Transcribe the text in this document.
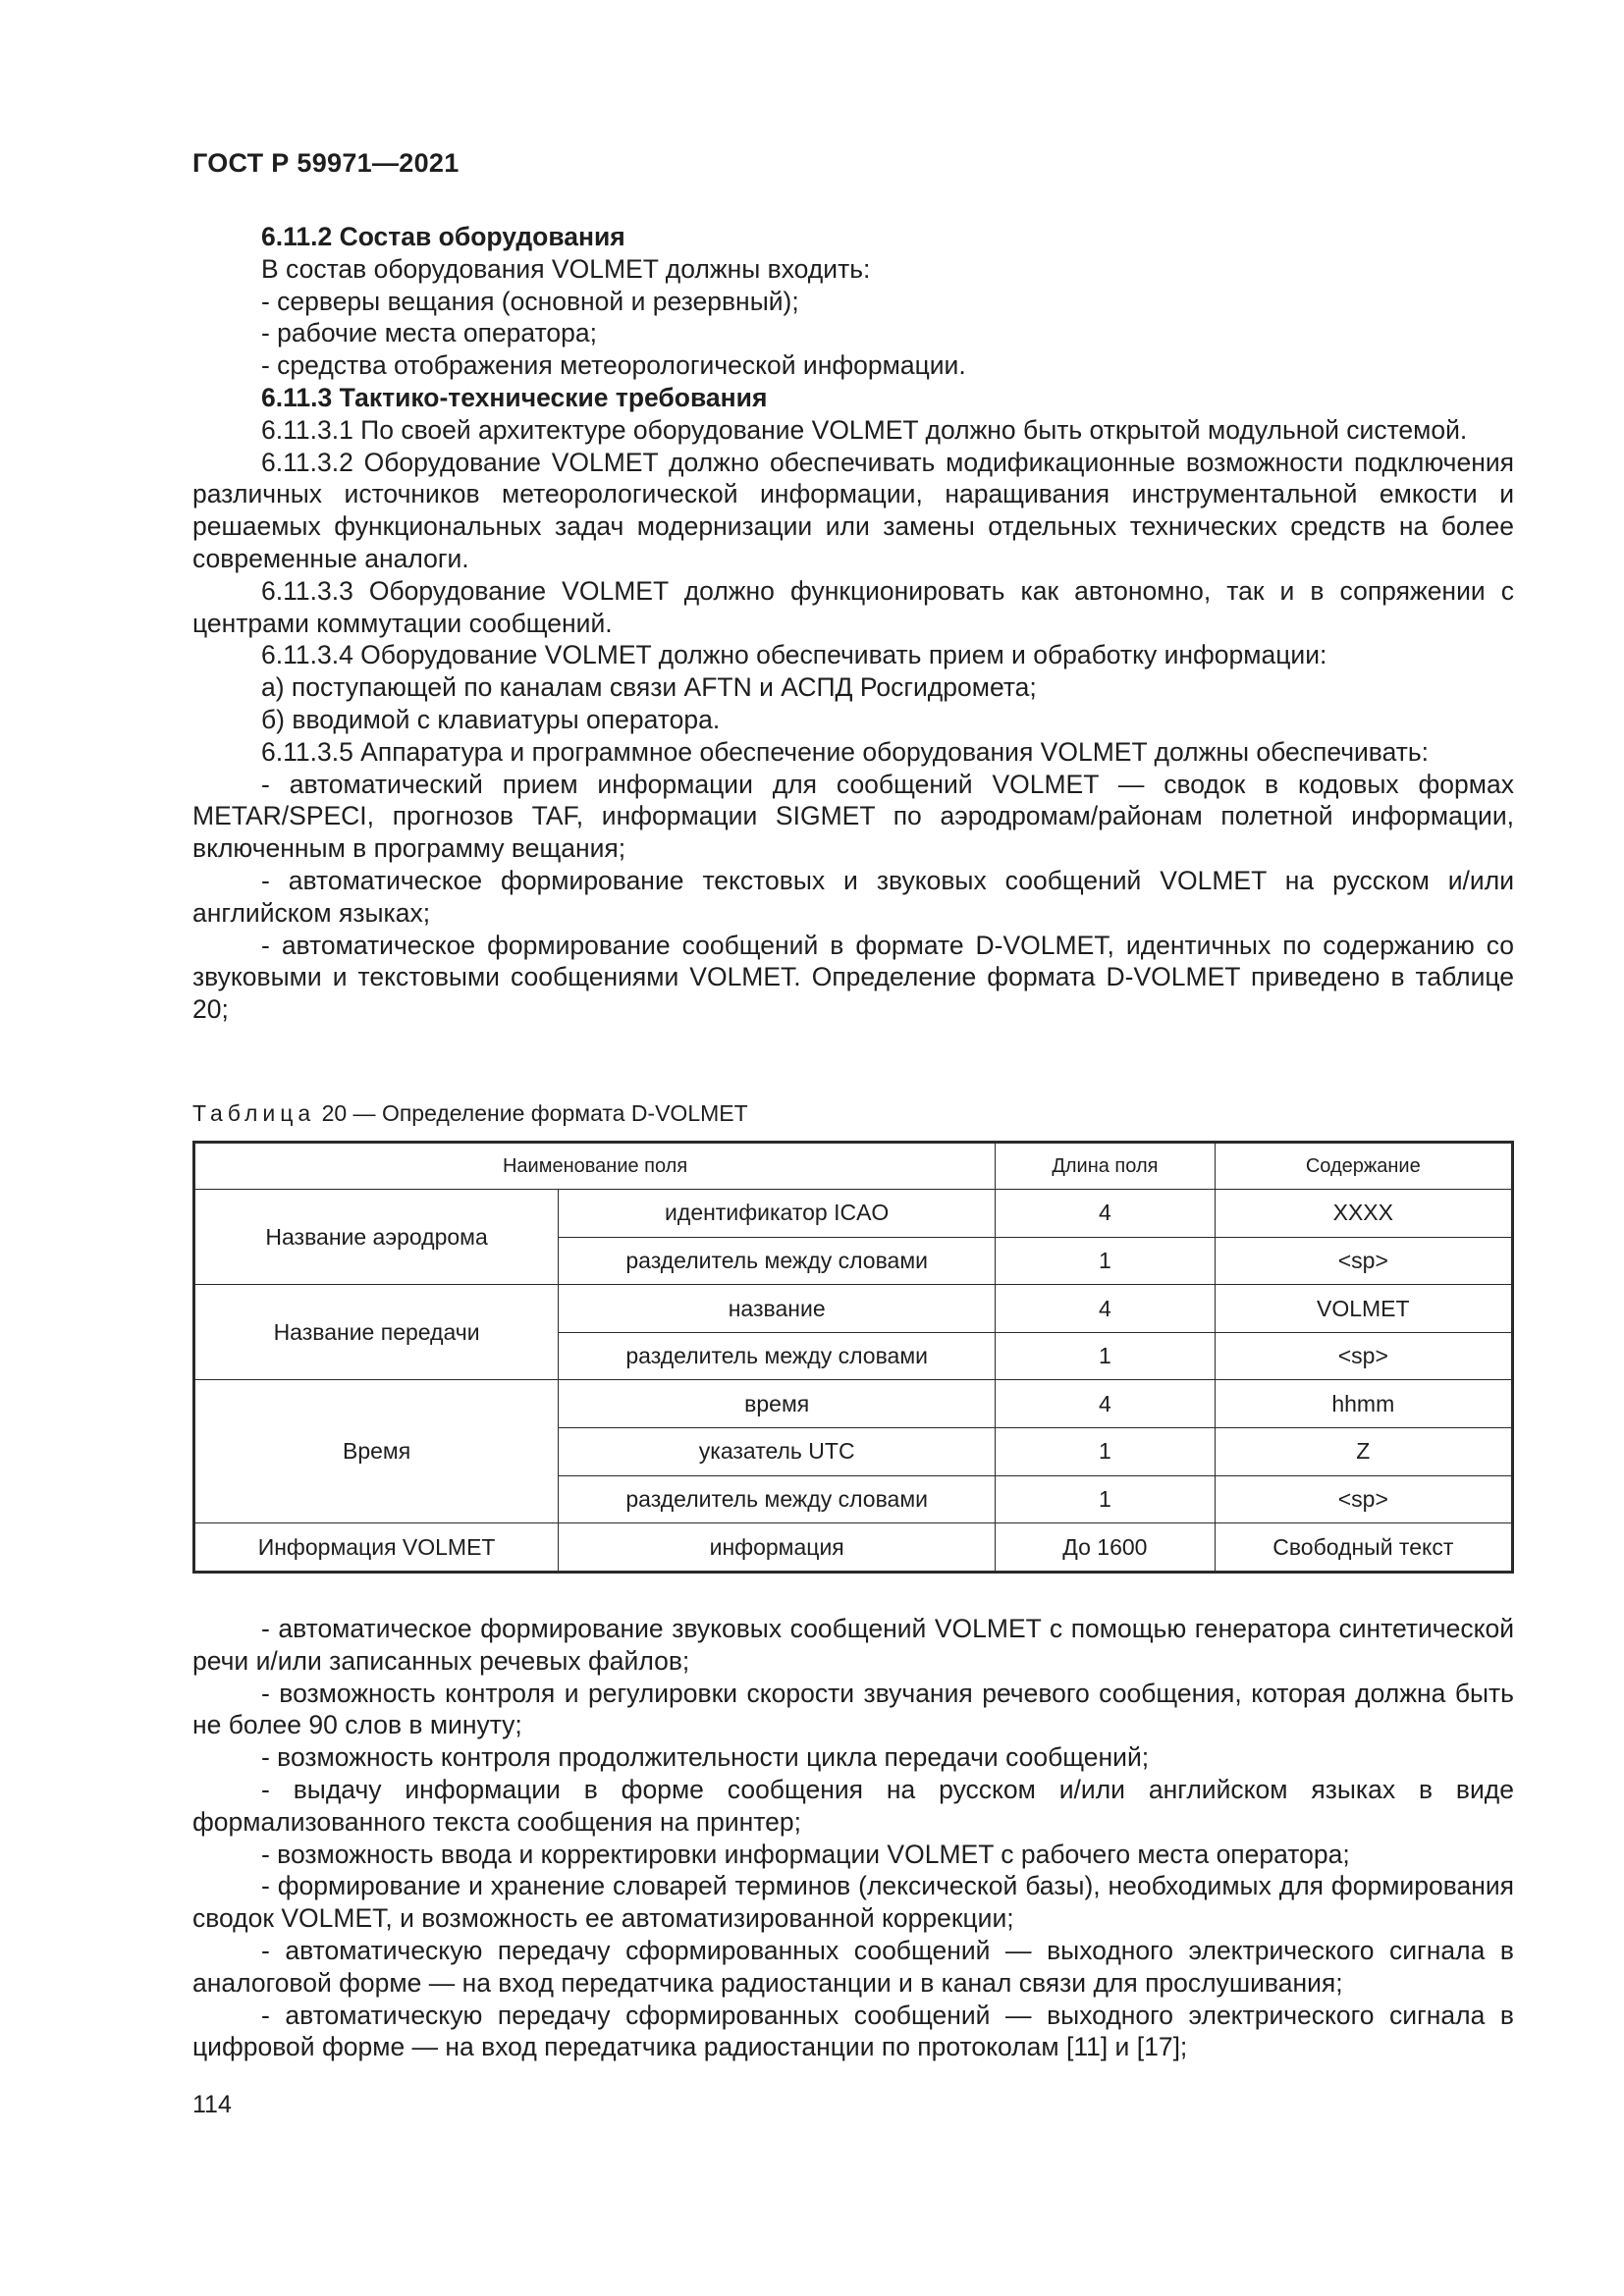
ГОСТ Р 59971—2021

6.11.2 Состав оборудования

В состав оборудования VOLMET должны входить:

- серверы вещания (основной и резервный);

- рабочие места оператора;

- средства отображения метеорологической информации.

6.11.3 Тактико-технические требования

6.11.3.1 По своей архитектуре оборудование VOLMET должно быть открытой модульной системой.

6.11.3.2 Оборудование VOLMET должно обеспечивать модификационные возможности подключения различных источников метеорологической информации, наращивания инструментальной емкости и решаемых функциональных задач модернизации или замены отдельных технических средств на более современные аналоги.

6.11.3.3 Оборудование VOLMET должно функционировать как автономно, так и в сопряжении с центрами коммутации сообщений.

6.11.3.4 Оборудование VOLMET должно обеспечивать прием и обработку информации:

а) поступающей по каналам связи AFTN и АСПД Росгидромета;

б) вводимой с клавиатуры оператора.

6.11.3.5 Аппаратура и программное обеспечение оборудования VOLMET должны обеспечивать:

- автоматический прием информации для сообщений VOLMET — сводок в кодовых формах METAR/SPECI, прогнозов TAF, информации SIGMET по аэродромам/районам полетной информации, включенным в программу вещания;

- автоматическое формирование текстовых и звуковых сообщений VOLMET на русском и/или английском языках;

- автоматическое формирование сообщений в формате D-VOLMET, идентичных по содержанию со звуковыми и текстовыми сообщениями VOLMET. Определение формата D-VOLMET приведено в таблице 20;

Таблица 20 — Определение формата D-VOLMET
Наименование поля		Длина поля	Содержание
Название аэродрома	идентификатор ICAO	4	XXXX
	разделитель между словами	1	<sp>
Название передачи	название	4	VOLMET
	разделитель между словами	1	<sp>
Время	время	4	hhmm
	указатель UTC	1	Z
	разделитель между словами	1	<sp>
Информация VOLMET	информация	До 1600	Свободный текст

- автоматическое формирование звуковых сообщений VOLMET с помощью генератора синтетической речи и/или записанных речевых файлов;

- возможность контроля и регулировки скорости звучания речевого сообщения, которая должна быть не более 90 слов в минуту;

- возможность контроля продолжительности цикла передачи сообщений;

- выдачу информации в форме сообщения на русском и/или английском языках в виде формализованного текста сообщения на принтер;

- возможность ввода и корректировки информации VOLMET с рабочего места оператора;

- формирование и хранение словарей терминов (лексической базы), необходимых для формирования сводок VOLMET, и возможность ее автоматизированной коррекции;

- автоматическую передачу сформированных сообщений — выходного электрического сигнала в аналоговой форме — на вход передатчика радиостанции и в канал связи для прослушивания;

- автоматическую передачу сформированных сообщений — выходного электрического сигнала в цифровой форме — на вход передатчика радиостанции по протоколам [11] и [17];

114
